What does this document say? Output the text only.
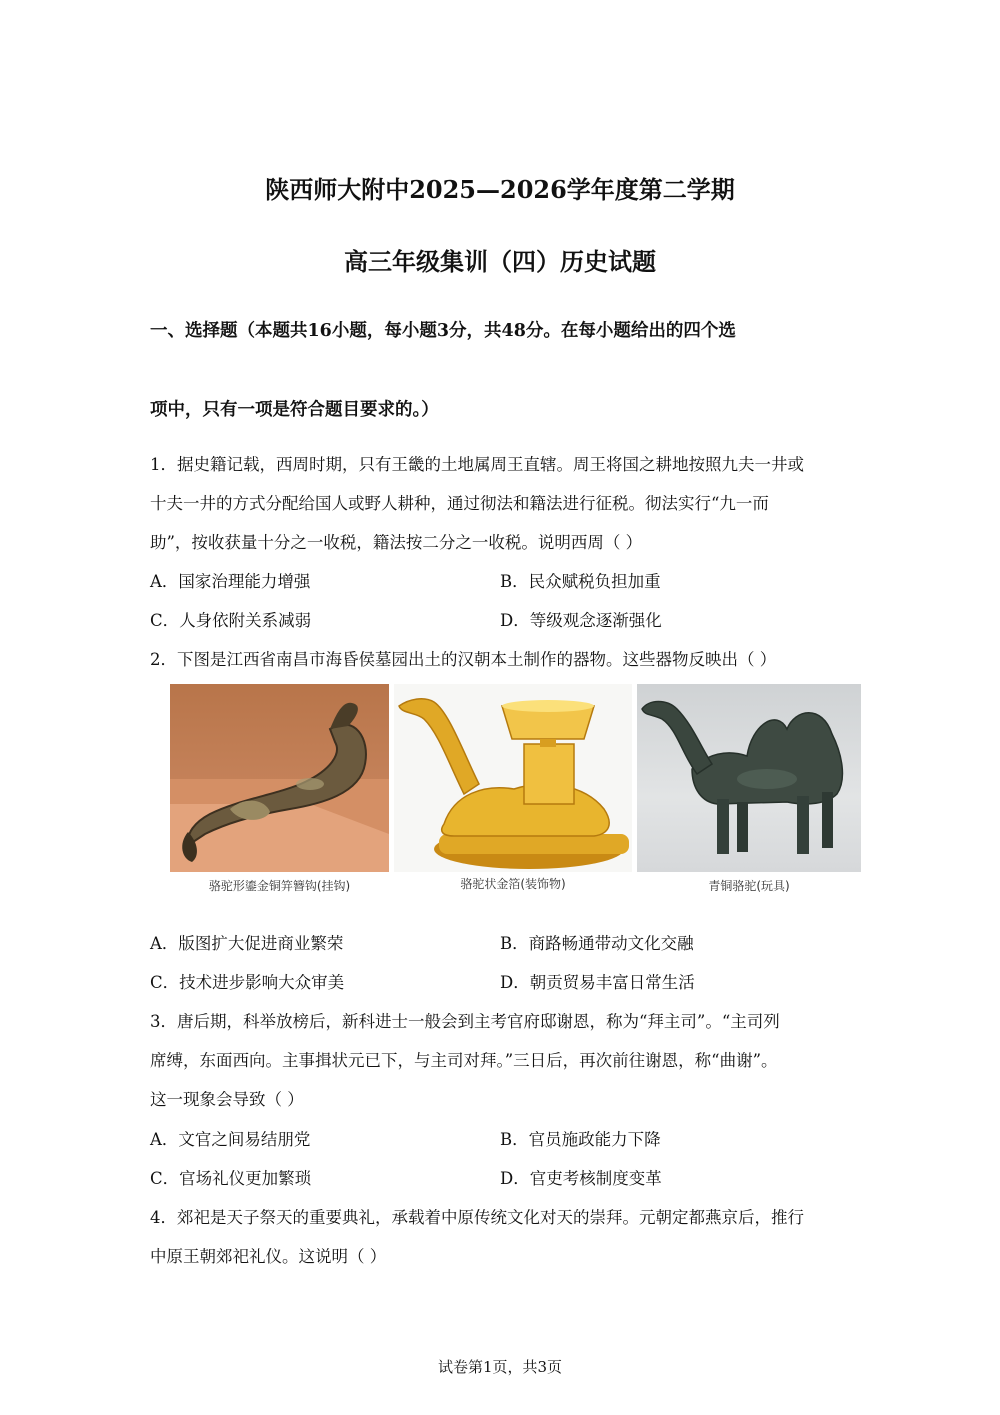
陕西师大附中2025—2026学年度第二学期
高三年级集训（四）历史试题
一、选择题（本题共16小题，每小题3分，共48分。在每小题给出的四个选
项中，只有一项是符合题目要求的。）
1．据史籍记载，西周时期，只有王畿的土地属周王直辖。周王将国之耕地按照九夫一井或
十夫一井的方式分配给国人或野人耕种，通过彻法和籍法进行征税。彻法实行“九一而
助”，按收获量十分之一收税，籍法按二分之一收税。说明西周（ ）
A．国家治理能力增强	B．民众赋税负担加重
C．人身依附关系减弱	D．等级观念逐渐强化
2．下图是江西省南昌市海昏侯墓园出土的汉朝本土制作的器物。这些器物反映出（ ）
骆驼形鎏金铜笄簪钩(挂钩)	骆驼状金箔(装饰物)	青铜骆驼(玩具)
A．版图扩大促进商业繁荣	B．商路畅通带动文化交融
C．技术进步影响大众审美	D．朝贡贸易丰富日常生活
3．唐后期，科举放榜后，新科进士一般会到主考官府邸谢恩，称为“拜主司”。“主司列
席缚，东面西向。主事揖状元已下，与主司对拜。”三日后，再次前往谢恩，称“曲谢”。
这一现象会导致（ ）
A．文官之间易结朋党	B．官员施政能力下降
C．官场礼仪更加繁琐	D．官吏考核制度变革
4．郊祀是天子祭天的重要典礼，承载着中原传统文化对天的崇拜。元朝定都燕京后，推行
中原王朝郊祀礼仪。这说明（ ）
试卷第1页，共3页
